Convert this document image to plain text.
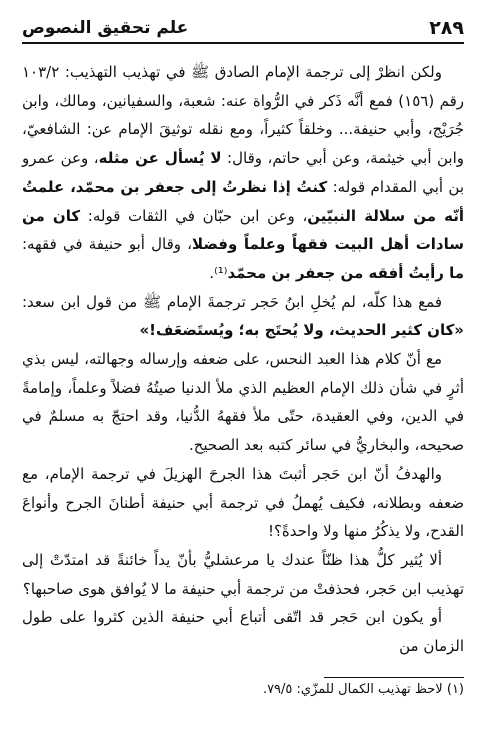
٢٨٩
علم تحقيق النصوص

ولكن انظرْ إلى ترجمة الإمام الصادق ﷺ في تهذيب التهذيب: ١٠٣/٢ رقم (١٥٦) فمع أنَّه ذَكر في الرُّواة عنه: شعبة، والسفيانين، ومالك، وابن جُرَيْج، وأبي حنيفة... وخلقاً كثيراً، ومع نقله توثيقَ الإمام عن: الشافعيّ، وابن أبي خيثمة، وعن أبي حاتم، وقال: لا يُسأل عن مثله، وعن عمرو بن أبي المقدام قوله: كنتُ إذا نظرتُ إلى جعفر بن محمّد، علمتُ أنّه من سلالة النبيّين، وعن ابن حبّان في الثقات قوله: كان من سادات أهل البيت فقهاً وعلماً وفضلا، وقال أبو حنيفة في فقهه: ما رأيتُ أفقه من جعفر بن محمّد⁽¹⁾.

فمع هذا كلّه، لم يُخلِ ابنُ حَجر ترجمةَ الإمام ﷺ من قول ابن سعد: «كان كثير الحديث، ولا يُحتَج به؛ ويُستَضعَف!»

مع أنّ كلام هذا العبد النحس، على ضعفه وإرساله وجهالته، ليس بذي أثرٍ في شأن ذلك الإمام العظيم الذي ملأ الدنيا صيتُهُ فضلاً وعلماً، وإمامةً في الدين، وفي العقيدة، حتّى ملأ فقههُ الدُّنيا، وقد احتجّ به مسلمٌ في صحيحه، والبخاريُّ في سائر كتبه بعد الصحيح.

والهدفُ أنّ ابن حَجر أثبتَ هذا الجرحَ الهزيلَ في ترجمة الإمام، مع ضعفه وبطلانه، فكيف يُهملُ في ترجمة أبي حنيفة أطنانَ الجرح وأنواعَ القدح، ولا يذكُرُ منها ولا واحدةً؟!

ألا يُثير كلُّ هذا ظنّاً عندك يا مرعشليُّ بأنّ يداً خائنةً قد امتدّتْ إلى تهذيب ابن حَجر، فحذفتْ من ترجمة أبي حنيفة ما لا يُوافق هوى صاحبها؟

أو يكون ابن حَجر قد اتّقى أتباع أبي حنيفة الذين كثروا على طول الزمان من

(١) لاحظ تهذيب الكمال للمزّي: ٧٩/٥.
